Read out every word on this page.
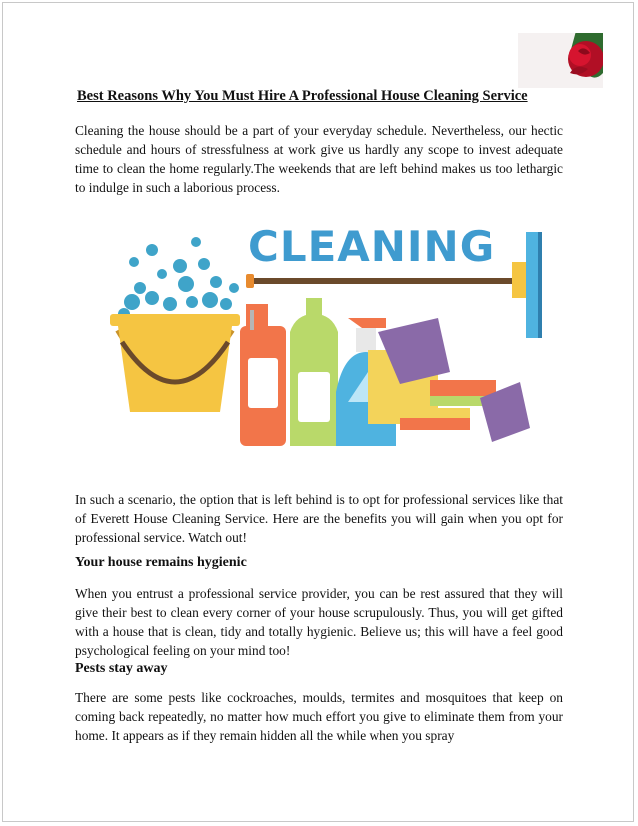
Best Reasons Why You Must Hire A Professional House Cleaning Service

Cleaning the house should be a part of your everyday schedule. Nevertheless, our hectic schedule and hours of stressfulness at work give us hardly any scope to invest adequate time to clean the home regularly.The weekends that are left behind makes us too lethargic to indulge in such a laborious process.

CLEANING

In such a scenario, the option that is left behind is to opt for professional services like that of Everett House Cleaning Service. Here are the benefits you will gain when you opt for professional service. Watch out!

Your house remains hygienic

When you entrust a professional service provider, you can be rest assured that they will give their best to clean every corner of your house scrupulously. Thus, you will get gifted with a house that is clean, tidy and totally hygienic. Believe us; this will have a feel good psychological feeling on your mind too!

Pests stay away

There are some pests like cockroaches, moulds, termites and mosquitoes that keep on coming back repeatedly, no matter how much effort you give to eliminate them from your home. It appears as if they remain hidden all the while when you spray
